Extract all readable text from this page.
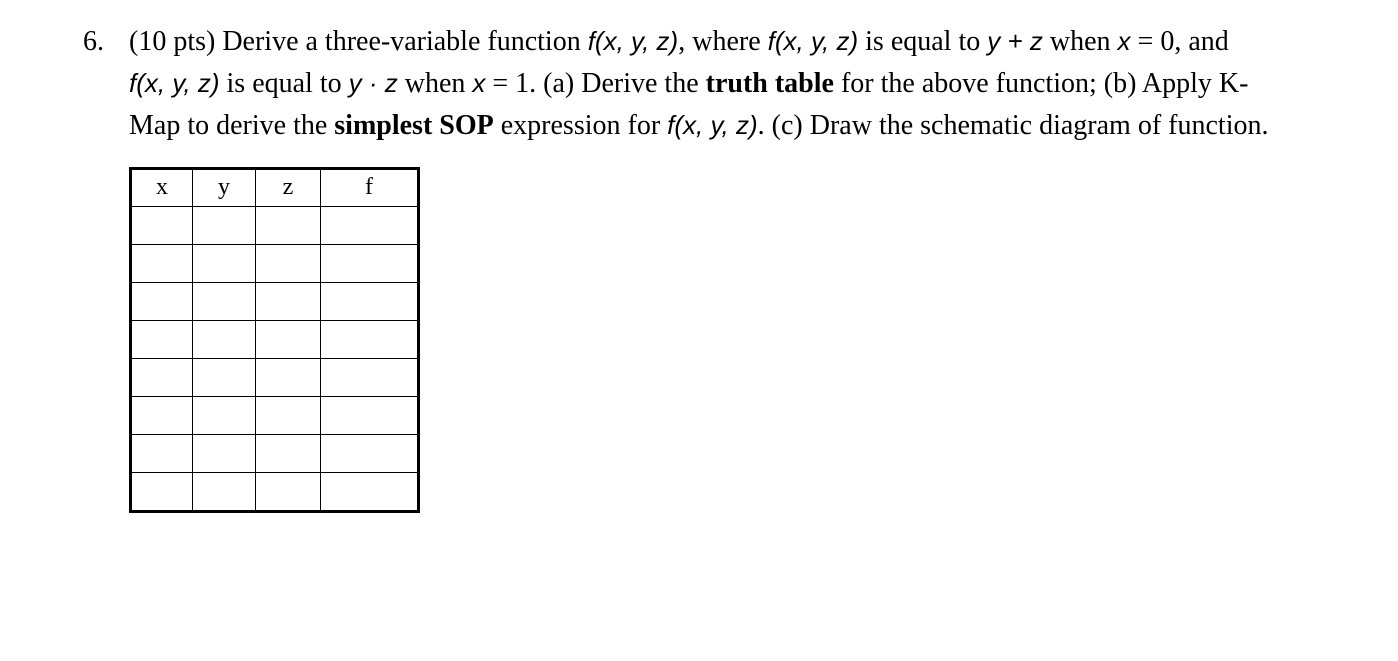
6. (10 pts) Derive a three-variable function f(x, y, z), where f(x, y, z) is equal to y + z when x = 0, and
f(x, y, z) is equal to y · z when x = 1. (a) Derive the truth table for the above function; (b) Apply K-
Map to derive the simplest SOP expression for f(x, y, z). (c) Draw the schematic diagram of function.
x	y	z	f
